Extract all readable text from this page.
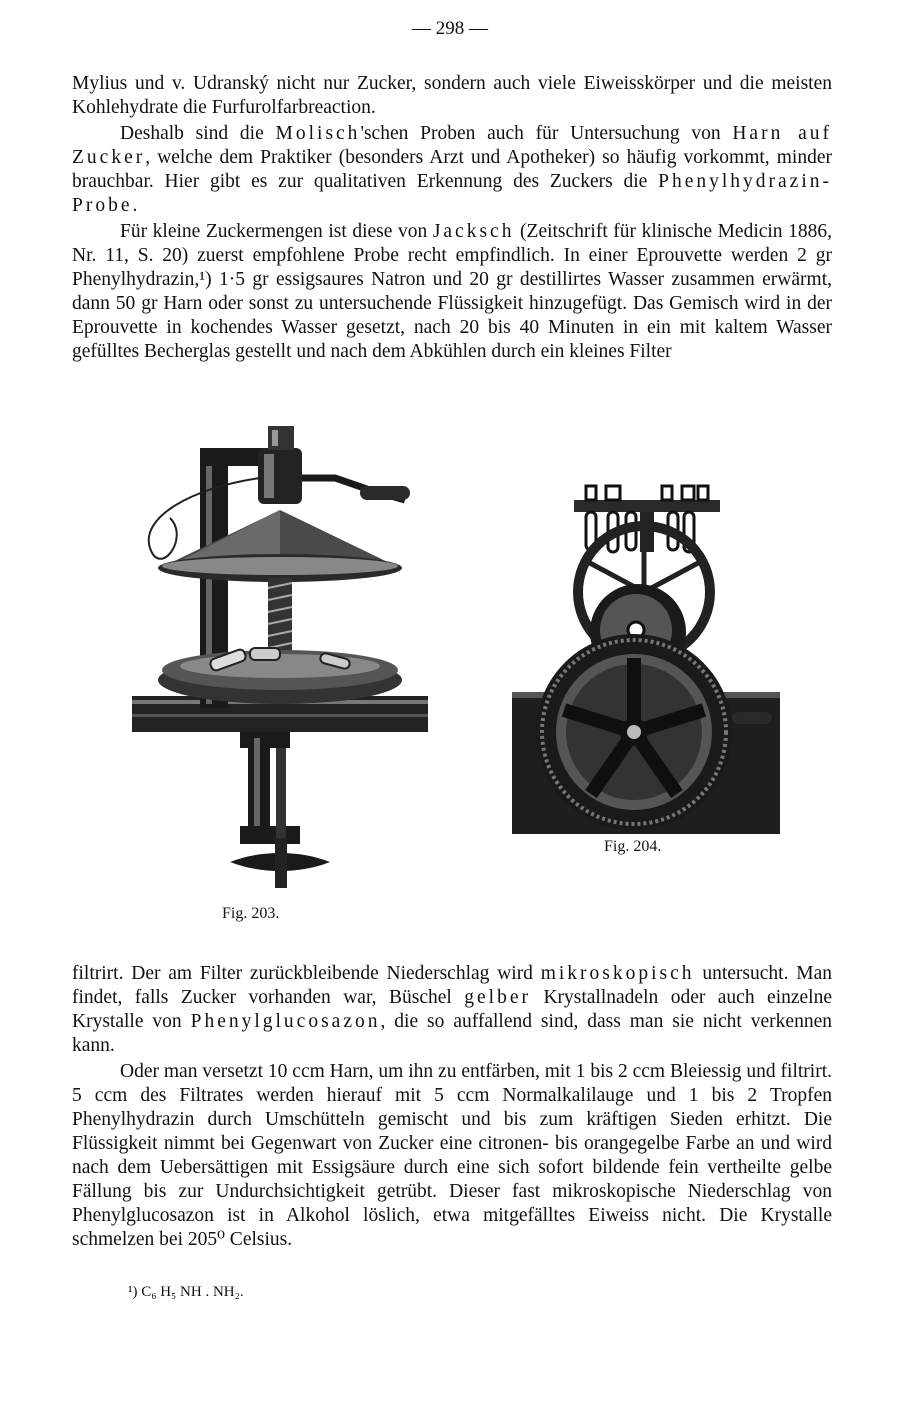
— 298 —

Mylius und v. Udranský nicht nur Zucker, sondern auch viele Eiweisskörper und die meisten Kohlehydrate die Furfurolfarbreaction.

Deshalb sind die Molisch'schen Proben auch für Untersuchung von Harn auf Zucker, welche dem Praktiker (besonders Arzt und Apotheker) so häufig vorkommt, minder brauchbar. Hier gibt es zur qualitativen Erkennung des Zuckers die Phenylhydrazin-Probe.

Für kleine Zuckermengen ist diese von Jacksch (Zeitschrift für klinische Medicin 1886, Nr. 11, S. 20) zuerst empfohlene Probe recht empfindlich. In einer Eprouvette werden 2 gr Phenylhydrazin,¹) 1·5 gr essigsaures Natron und 20 gr destillirtes Wasser zusammen erwärmt, dann 50 gr Harn oder sonst zu untersuchende Flüssigkeit hinzugefügt. Das Gemisch wird in der Eprouvette in kochendes Wasser gesetzt, nach 20 bis 40 Minuten in ein mit kaltem Wasser gefülltes Becherglas gestellt und nach dem Abkühlen durch ein kleines Filter

Fig. 203.
Fig. 204.

filtrirt. Der am Filter zurückbleibende Niederschlag wird mikroskopisch untersucht. Man findet, falls Zucker vorhanden war, Büschel gelber Krystallnadeln oder auch einzelne Krystalle von Phenylglucosazon, die so auffallend sind, dass man sie nicht verkennen kann.

Oder man versetzt 10 ccm Harn, um ihn zu entfärben, mit 1 bis 2 ccm Bleiessig und filtrirt. 5 ccm des Filtrates werden hierauf mit 5 ccm Normalkalilauge und 1 bis 2 Tropfen Phenylhydrazin durch Umschütteln gemischt und bis zum kräftigen Sieden erhitzt. Die Flüssigkeit nimmt bei Gegenwart von Zucker eine citronen- bis orangegelbe Farbe an und wird nach dem Uebersättigen mit Essigsäure durch eine sich sofort bildende fein vertheilte gelbe Fällung bis zur Undurchsichtigkeit getrübt. Dieser fast mikroskopische Niederschlag von Phenylglucosazon ist in Alkohol löslich, etwa mitgefälltes Eiweiss nicht. Die Krystalle schmelzen bei 205⁰ Celsius.

¹) C₆ H₅ NH . NH₂.
